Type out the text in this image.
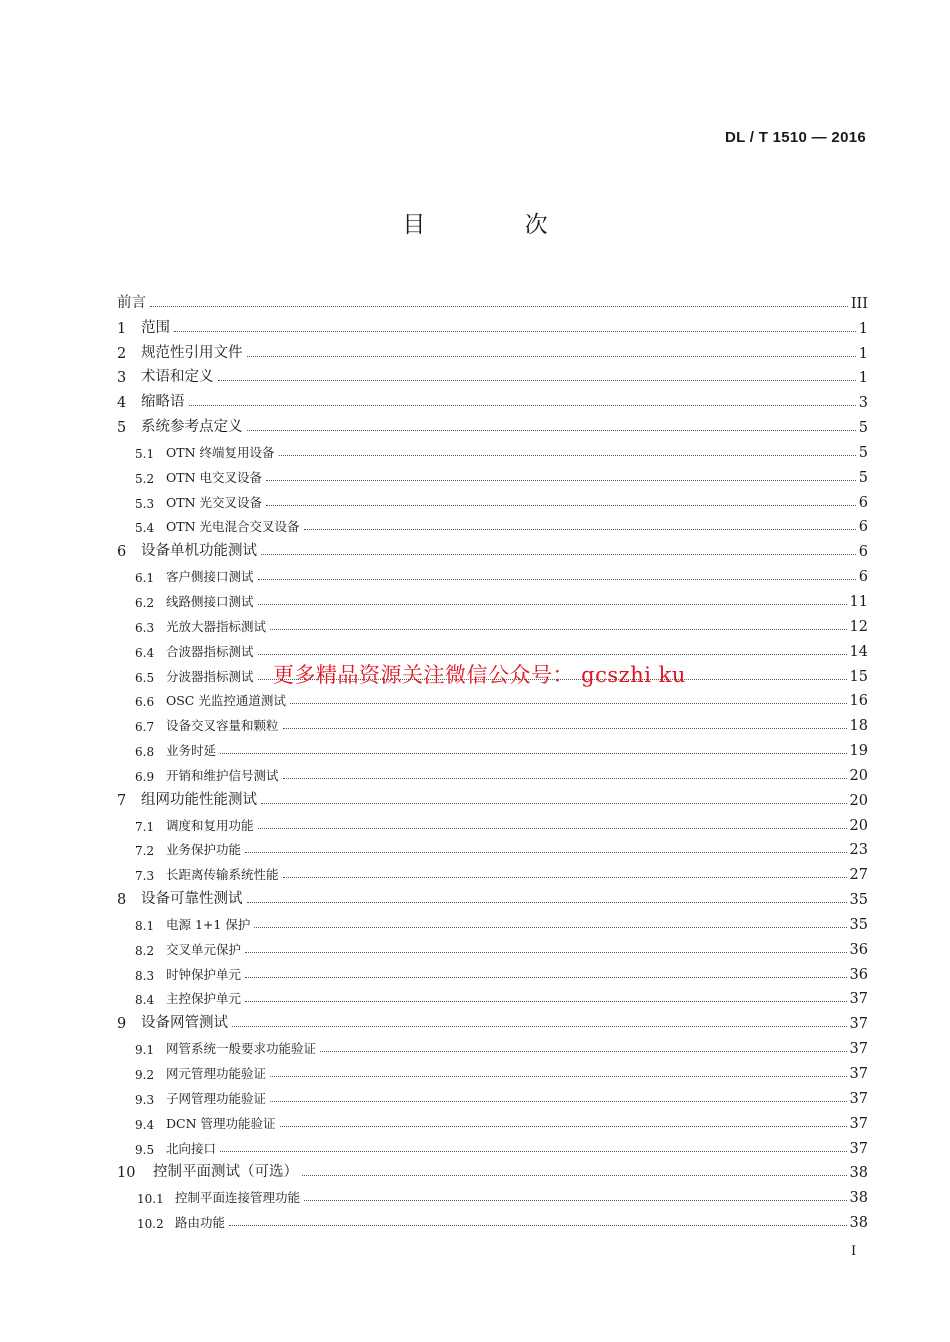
DL / T 1510 — 2016
目 次
前言	III
1	范围	1
2	规范性引用文件	1
3	术语和定义	1
4	缩略语	3
5	系统参考点定义	5
5.1 OTN 终端复用设备	5
5.2 OTN 电交叉设备	5
5.3 OTN 光交叉设备	6
5.4 OTN 光电混合交叉设备	6
6	设备单机功能测试	6
6.1 客户侧接口测试	6
6.2 线路侧接口测试	11
6.3 光放大器指标测试	12
6.4 合波器指标测试	14
6.5 分波器指标测试	15
6.6 OSC 光监控通道测试	16
6.7 设备交叉容量和颗粒	18
6.8 业务时延	19
6.9 开销和维护信号测试	20
7	组网功能性能测试	20
7.1 调度和复用功能	20
7.2 业务保护功能	23
7.3 长距离传输系统性能	27
8	设备可靠性测试	35
8.1 电源 1+1 保护	35
8.2 交叉单元保护	36
8.3 时钟保护单元	36
8.4 主控保护单元	37
9	设备网管测试	37
9.1 网管系统一般要求功能验证	37
9.2 网元管理功能验证	37
9.3 子网管理功能验证	37
9.4 DCN 管理功能验证	37
9.5 北向接口	37
10	控制平面测试（可选）	38
10.1 控制平面连接管理功能	38
10.2 路由功能	38
更多精品资源关注微信公众号： gcszhi ku
I
